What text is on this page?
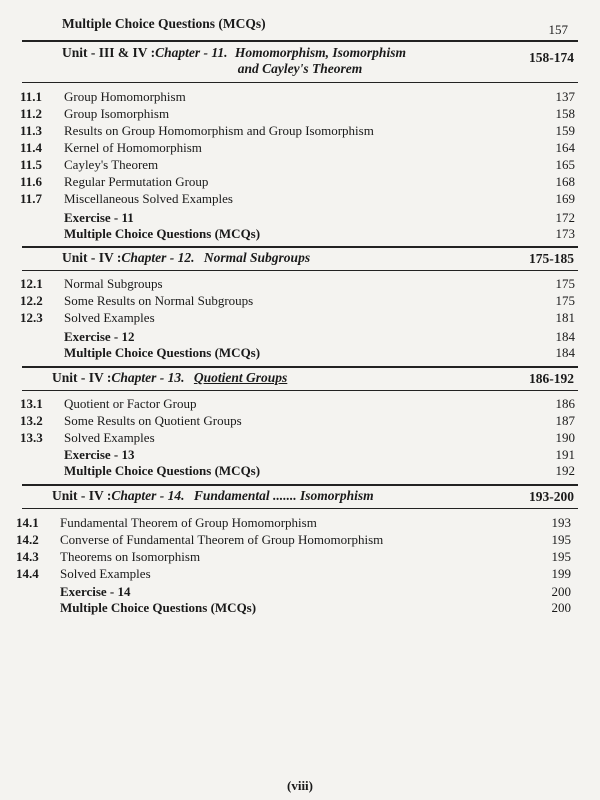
Multiple Choice Questions (MCQs)	157
Unit - III & IV :Chapter - 11. Homomorphism, Isomorphism	158-174
and Cayley's Theorem
11.1	Group Homomorphism	137
11.2	Group Isomorphism	158
11.3	Results on Group Homomorphism and Group Isomorphism	159
11.4	Kernel of Homomorphism	164
11.5	Cayley's Theorem	165
11.6	Regular Permutation Group	168
11.7	Miscellaneous Solved Examples	169
Exercise - 11	172
Multiple Choice Questions (MCQs)	173
Unit - IV :Chapter - 12. Normal Subgroups	175-185
12.1	Normal Subgroups	175
12.2	Some Results on Normal Subgroups	175
12.3	Solved Examples	181
Exercise - 12	184
Multiple Choice Questions (MCQs)	184
Unit - IV :Chapter - 13. Quotient Groups	186-192
13.1	Quotient or Factor Group	186
13.2	Some Results on Quotient Groups	187
13.3	Solved Examples	190
Exercise - 13	191
Multiple Choice Questions (MCQs)	192
Unit - IV :Chapter - 14. Fundamental ....... Isomorphism	193-200
14.1	Fundamental Theorem of Group Homomorphism	193
14.2	Converse of Fundamental Theorem of Group Homomorphism	195
14.3	Theorems on Isomorphism	195
14.4	Solved Examples	199
Exercise - 14	200
Multiple Choice Questions (MCQs)	200
(viii)
